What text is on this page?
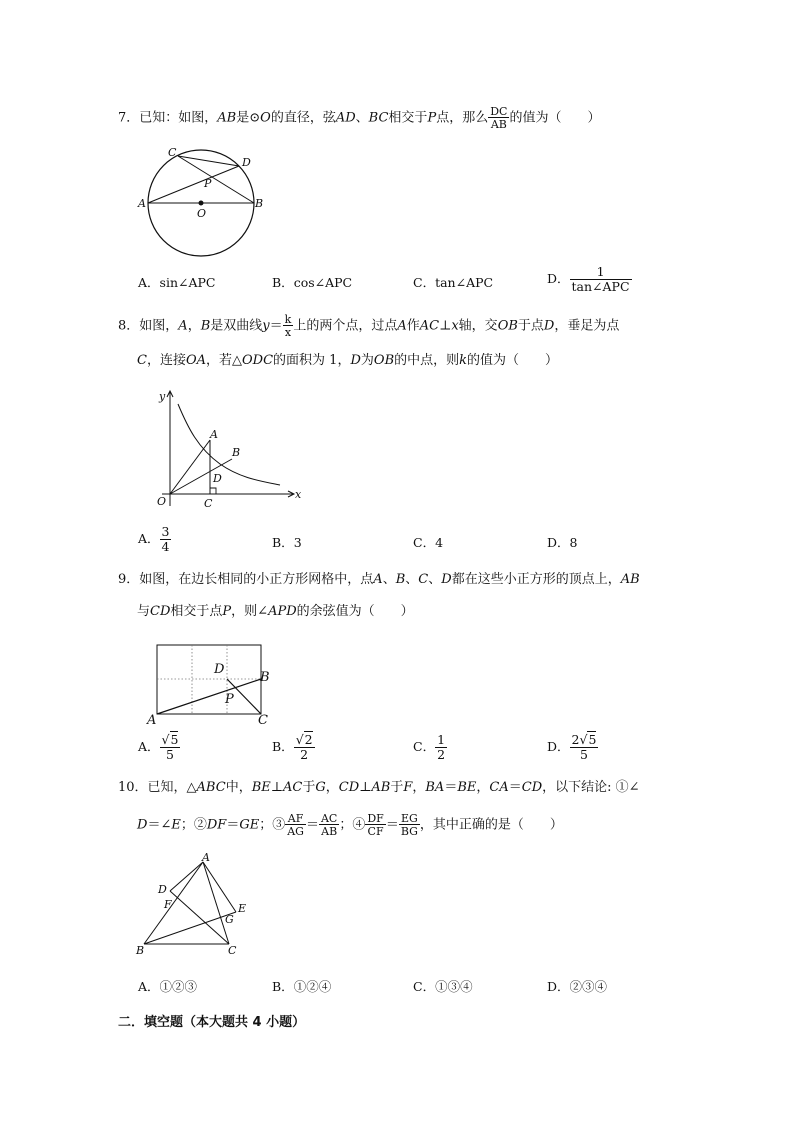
7．已知：如图，AB是⊙O的直径，弦AD、BC相交于P点，那么 $\frac{DC}{AB}$ 的值为（　　）
C
D
P
A
O
B
A．sin∠APC	B．cos∠APC	C．tan∠APC	D． $\frac{1}{\text{tan∠APC}}$
8．如图，A，B是双曲线$y= \frac{k}{x}$ 上的两个点，过点A作AC⊥x轴，交OB于点D，垂足为点
C，连接OA，若△ODC的面积为 1，D为OB的中点，则k的值为（　　）
y
x
O
A
B
D
C
A． $\frac{3}{4}$	B．3	C．4	D．8
9．如图，在边长相同的小正方形网格中，点A、B、C、D都在这些小正方形的顶点上，AB
与CD相交于点P，则∠APD的余弦值为（　　）
D
B
P
A	C
A． $\frac{√5}{5}$	B． $\frac{√2}{2}$	C． $\frac{1}{2}$	D． $\frac{2√5}{5}$
10．已知，△ABC中，BE⊥AC于G，CD⊥AB于F，BA＝BE，CA＝CD，以下结论: ①∠
D＝∠E；②DF＝GE；③ $\frac{AF}{AG} = \frac{AC}{AB}$ ；④ $\frac{DF}{CF} = \frac{EG}{BG}$ ，其中正确的是（　　）
A
D
F	E
G
B	C
A．①②③	B．①②④	C．①③④	D．②③④
二．填空题（本大题共 4 小题）
